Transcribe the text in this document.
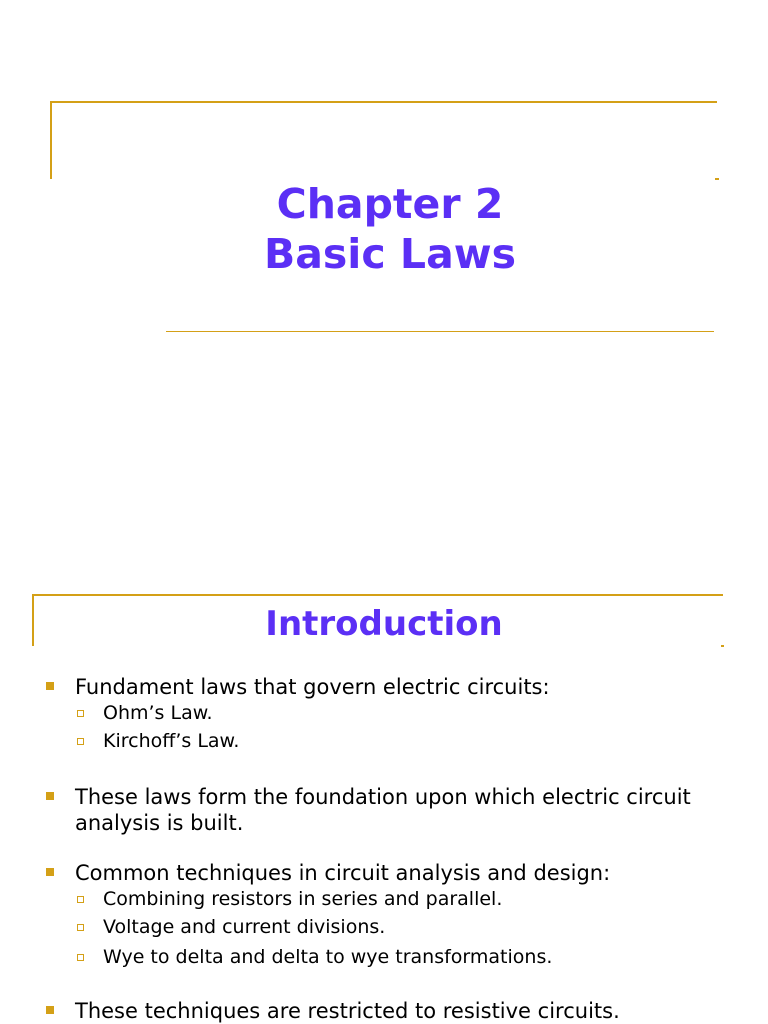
Chapter 2
Basic Laws
Introduction
Fundament laws that govern electric circuits:
Ohm’s Law.
Kirchoff’s Law.
These laws form the foundation upon which electric circuit analysis is built.
Common techniques in circuit analysis and design:
Combining resistors in series and parallel.
Voltage and current divisions.
Wye to delta and delta to wye transformations.
These techniques are restricted to resistive circuits.
